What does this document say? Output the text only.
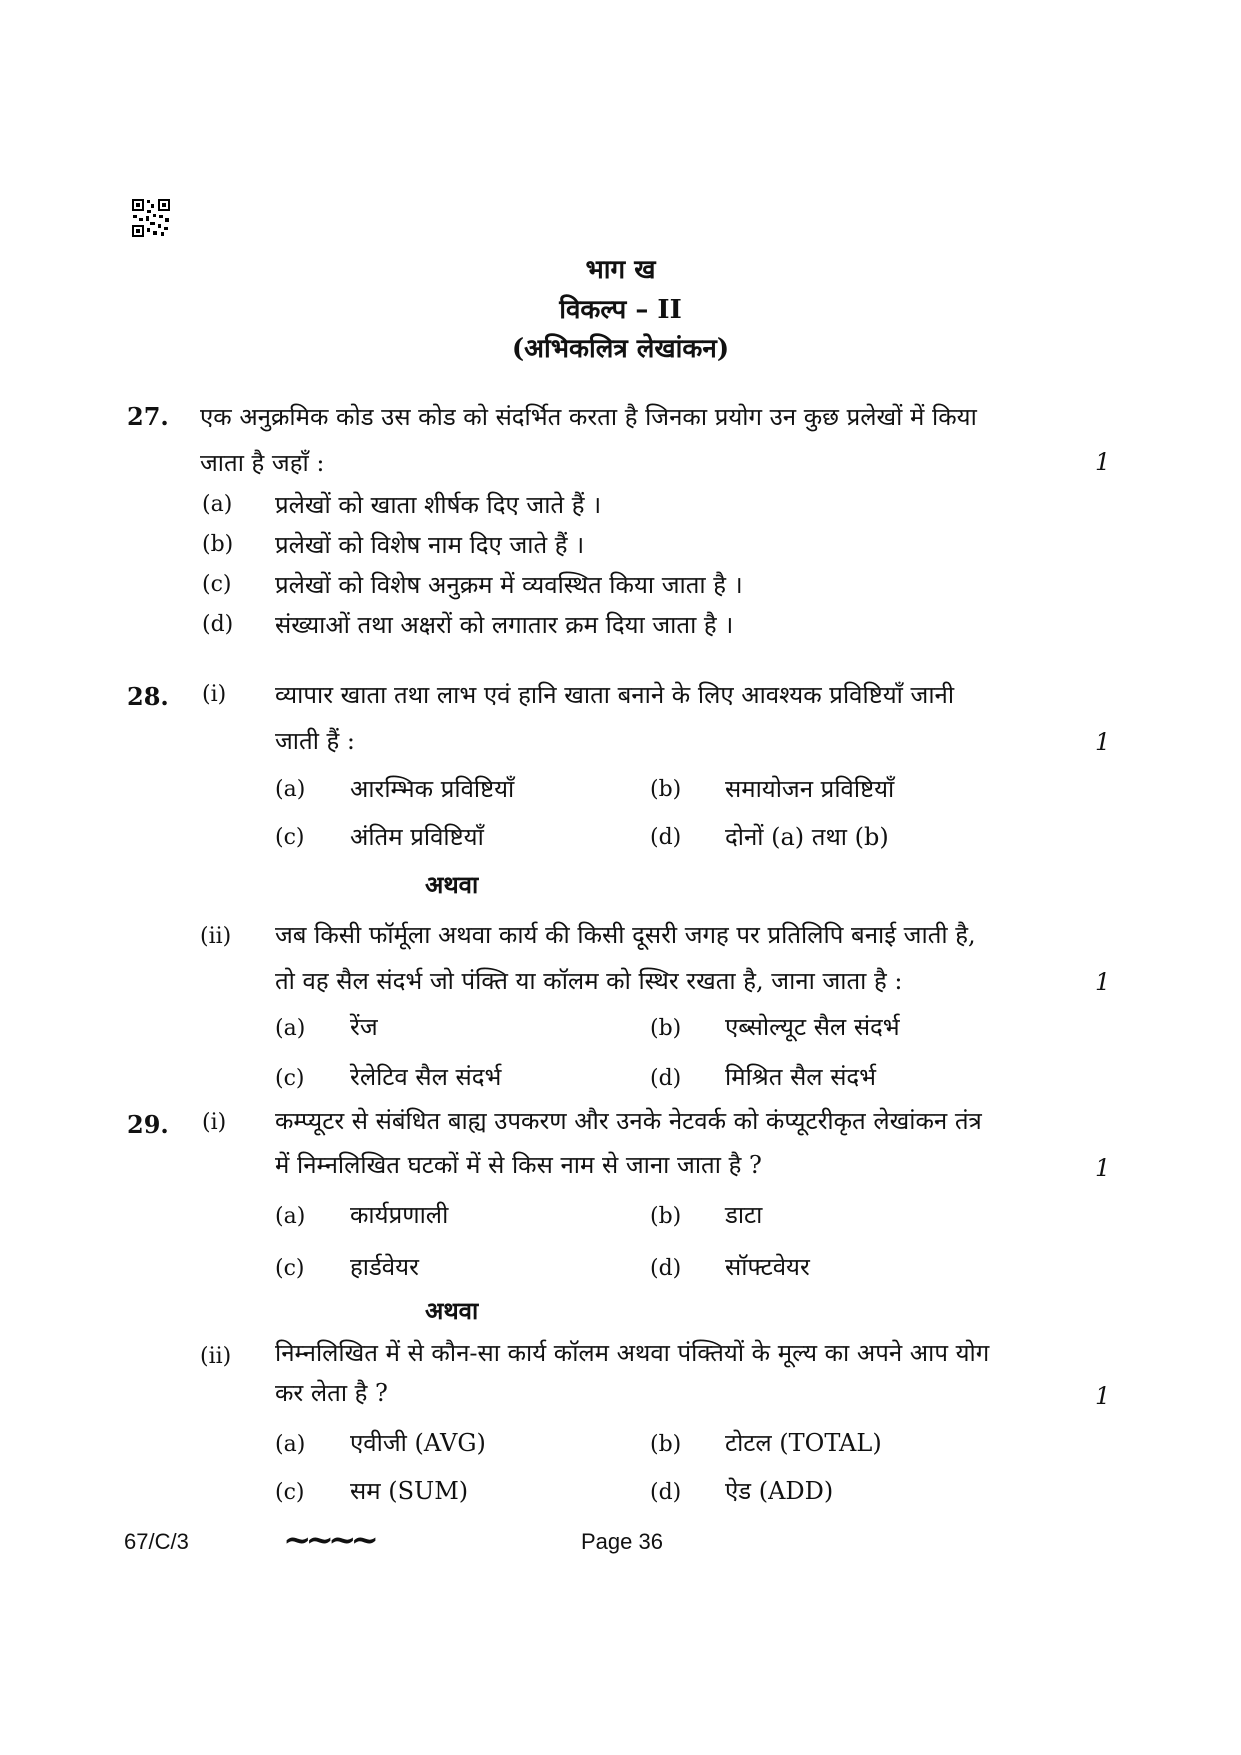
भाग ख
विकल्प – II
(अभिकलित्र लेखांकन)
27. एक अनुक्रमिक कोड उस कोड को संदर्भित करता है जिनका प्रयोग उन कुछ प्रलेखों में किया
जाता है जहाँ :	1
(a) प्रलेखों को खाता शीर्षक दिए जाते हैं ।
(b) प्रलेखों को विशेष नाम दिए जाते हैं ।
(c) प्रलेखों को विशेष अनुक्रम में व्यवस्थित किया जाता है ।
(d) संख्याओं तथा अक्षरों को लगातार क्रम दिया जाता है ।
28. (i) व्यापार खाता तथा लाभ एवं हानि खाता बनाने के लिए आवश्यक प्रविष्टियाँ जानी
जाती हैं :	1
(a) आरम्भिक प्रविष्टियाँ	(b) समायोजन प्रविष्टियाँ
(c) अंतिम प्रविष्टियाँ	(d) दोनों (a) तथा (b)
अथवा
(ii) जब किसी फॉर्मूला अथवा कार्य की किसी दूसरी जगह पर प्रतिलिपि बनाई जाती है,
तो वह सैल संदर्भ जो पंक्ति या कॉलम को स्थिर रखता है, जाना जाता है :	1
(a) रेंज	(b) एब्सोल्यूट सैल संदर्भ
(c) रेलेटिव सैल संदर्भ	(d) मिश्रित सैल संदर्भ
29. (i) कम्प्यूटर से संबंधित बाह्य उपकरण और उनके नेटवर्क को कंप्यूटरीकृत लेखांकन तंत्र
में निम्नलिखित घटकों में से किस नाम से जाना जाता है ?	1
(a) कार्यप्रणाली	(b) डाटा
(c) हार्डवेयर	(d) सॉफ्टवेयर
अथवा
(ii) निम्नलिखित में से कौन-सा कार्य कॉलम अथवा पंक्तियों के मूल्य का अपने आप योग
कर लेता है ?	1
(a) एवीजी (AVG)	(b) टोटल (TOTAL)
(c) सम (SUM)	(d) ऐड (ADD)
67/C/3	~~~~	Page 36
